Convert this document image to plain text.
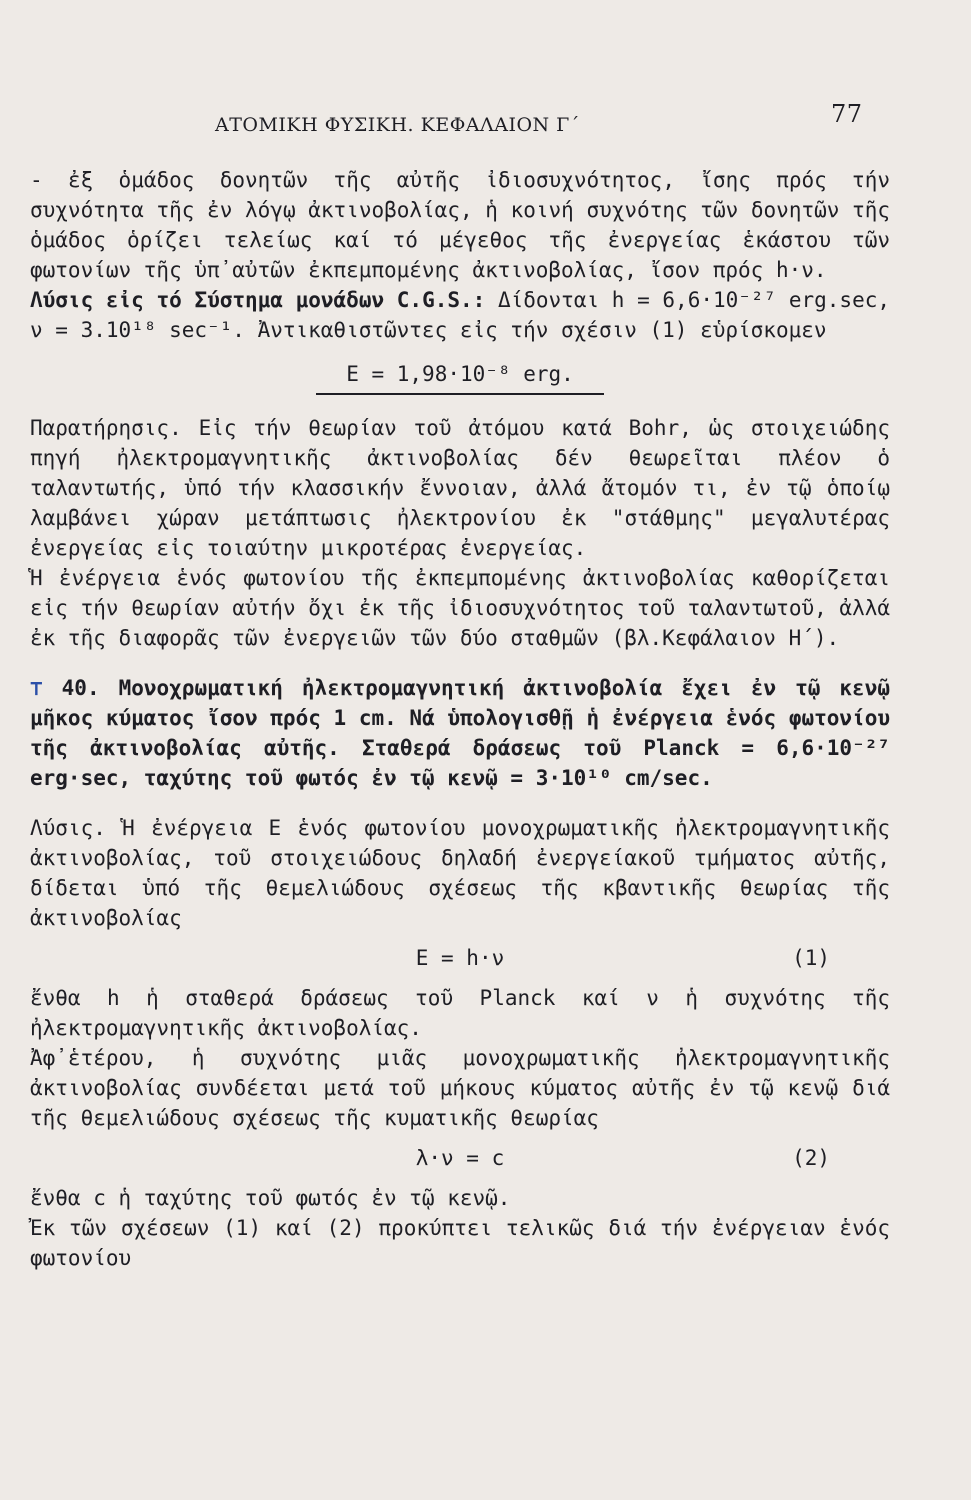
ΑΤΟΜΙΚΗ ΦΥΣΙΚΗ. ΚΕΦΑΛΑΙΟΝ Γ΄	77

- ἐξ ὁμάδος δονητῶν τῆς αὐτῆς ἰδιοσυχνότητος, ἴσης πρός τήν συχνότητα τῆς ἐν λόγῳ ἀκτινοβολίας, ἡ κοινή συχνότης τῶν δονητῶν τῆς ὁμάδος ὁρίζει τελείως καί τό μέγεθος τῆς ἐνεργείας ἑκάστου τῶν φωτονίων τῆς ὑπ᾿αὐτῶν ἐκπεμπομένης ἀκτινοβολίας, ἴσον πρός h·ν.

Λύσις εἰς τό Σύστημα μονάδων C.G.S.: Δίδονται h = 6,6·10⁻²⁷ erg.sec, ν = 3.10¹⁸ sec⁻¹. Ἀντικαθιστῶντες εἰς τήν σχέσιν (1) εὑρίσκομεν

E = 1,98·10⁻⁸ erg.

Παρατήρησις. Εἰς τήν θεωρίαν τοῦ ἀτόμου κατά Bohr, ὡς στοιχειώδης πηγή ἠλεκτρομαγνητικῆς ἀκτινοβολίας δέν θεωρεῖται πλέον ὁ ταλαντωτής, ὑπό τήν κλασσικήν ἔννοιαν, ἀλλά ἄτομόν τι, ἐν τῷ ὁποίῳ λαμβάνει χώραν μετάπτωσις ἠλεκτρονίου ἐκ "στάθμης" μεγαλυτέρας ἐνεργείας εἰς τοιαύτην μικροτέρας ἐνεργείας.

Ἡ ἐνέργεια ἑνός φωτονίου τῆς ἐκπεμπομένης ἀκτινοβολίας καθορίζεται εἰς τήν θεωρίαν αὐτήν ὄχι ἐκ τῆς ἰδιοσυχνότητος τοῦ ταλαντωτοῦ, ἀλλά ἐκ τῆς διαφορᾶς τῶν ἐνεργειῶν τῶν δύο σταθμῶν (βλ.Κεφάλαιον Η΄).

⊤ 40. Μονοχρωματική ἠλεκτρομαγνητική ἀκτινοβολία ἔχει ἐν τῷ κενῷ μῆκος κύματος ἴσον πρός 1 cm. Νά ὑπολογισθῇ ἡ ἐνέργεια ἑνός φωτονίου τῆς ἀκτινοβολίας αὐτῆς. Σταθερά δράσεως τοῦ Planck = 6,6·10⁻²⁷ erg·sec, ταχύτης τοῦ φωτός ἐν τῷ κενῷ = 3·10¹⁰ cm/sec.

Λύσις. Ἡ ἐνέργεια E ἑνός φωτονίου μονοχρωματικῆς ἠλεκτρομαγνητικῆς ἀκτινοβολίας, τοῦ στοιχειώδους δηλαδή ἐνεργείακοῦ τμήματος αὐτῆς, δίδεται ὑπό τῆς θεμελιώδους σχέσεως τῆς κβαντικῆς θεωρίας τῆς ἀκτινοβολίας

E = h·ν	(1)

ἔνθα h ἡ σταθερά δράσεως τοῦ Planck καί ν ἡ συχνότης τῆς ἠλεκτρομαγνητικῆς ἀκτινοβολίας.

Ἀφ᾿ἑτέρου, ἡ συχνότης μιᾶς μονοχρωματικῆς ἠλεκτρομαγνητικῆς ἀκτινοβολίας συνδέεται μετά τοῦ μήκους κύματος αὐτῆς ἐν τῷ κενῷ διά τῆς θεμελιώδους σχέσεως τῆς κυματικῆς θεωρίας

λ·ν = c	(2)

ἔνθα c ἡ ταχύτης τοῦ φωτός ἐν τῷ κενῷ.

Ἐκ τῶν σχέσεων (1) καί (2) προκύπτει τελικῶς διά τήν ἐνέργειαν ἑνός φωτονίου
